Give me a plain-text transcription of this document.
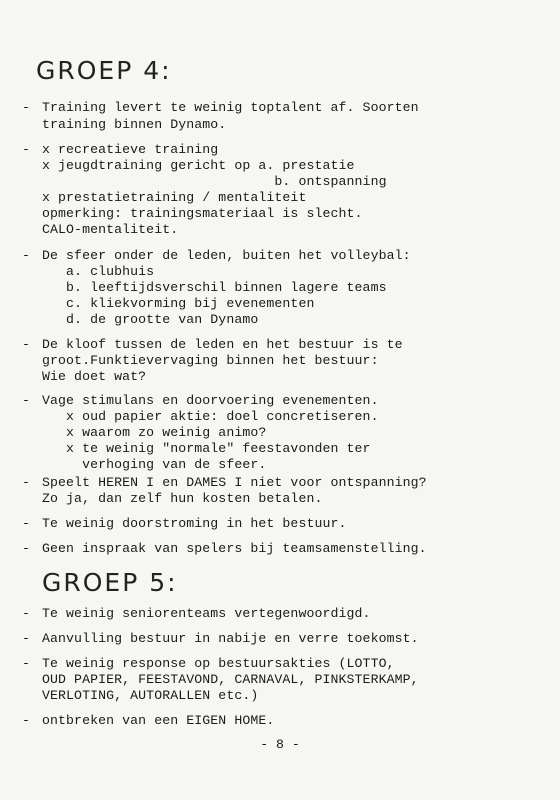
GROEP 4:
- Training levert te weinig toptalent af. Soorten
training binnen Dynamo.
- x recreatieve training
x jeugdtraining gericht op a. prestatie
b. ontspanning
x prestatietraining / mentaliteit
opmerking: trainingsmateriaal is slecht.
CALO-mentaliteit.
- De sfeer onder de leden, buiten het volleybal:
a. clubhuis
b. leeftijdsverschil binnen lagere teams
c. kliekvorming bij evenementen
d. de grootte van Dynamo
- De kloof tussen de leden en het bestuur is te
groot.Funktievervaging binnen het bestuur:
Wie doet wat?
- Vage stimulans en doorvoering evenementen.
x oud papier aktie: doel concretiseren.
x waarom zo weinig animo?
x te weinig "normale" feestavonden ter
verhoging van de sfeer.
- Speelt HEREN I en DAMES I niet voor ontspanning?
Zo ja, dan zelf hun kosten betalen.
- Te weinig doorstroming in het bestuur.
- Geen inspraak van spelers bij teamsamenstelling.
GROEP 5:
- Te weinig seniorenteams vertegenwoordigd.
- Aanvulling bestuur in nabije en verre toekomst.
- Te weinig response op bestuursakties (LOTTO,
OUD PAPIER, FEESTAVOND, CARNAVAL, PINKSTERKAMP,
VERLOTING, AUTORALLEN etc.)
- ontbreken van een EIGEN HOME.
- 8 -
